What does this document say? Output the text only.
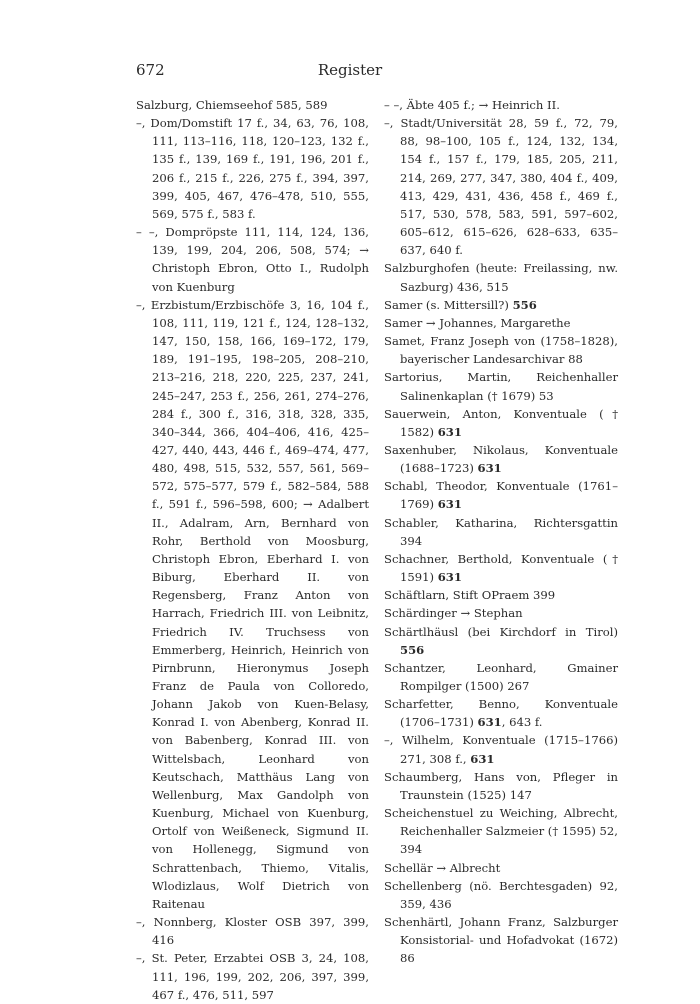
672	Register
Salzburg, Chiemseehof 585, 589
–, Dom/Domstift 17 f., 34, 63, 76, 108, 111, 113–116, 118, 120–123, 132 f., 135 f., 139, 169 f., 191, 196, 201 f., 206 f., 215 f., 226, 275 f., 394, 397, 399, 405, 467, 476–478, 510, 555, 569, 575 f., 583 f.
– –, Dompröpste 111, 114, 124, 136, 139, 199, 204, 206, 508, 574; → Christoph Ebron, Otto I., Rudolph von Kuenburg
–, Erzbistum/Erzbischöfe 3, 16, 104 f., 108, 111, 119, 121 f., 124, 128–132, 147, 150, 158, 166, 169–172, 179, 189, 191–195, 198–205, 208–210, 213–216, 218, 220, 225, 237, 241, 245–247, 253 f., 256, 261, 274–276, 284 f., 300 f., 316, 318, 328, 335, 340–344, 366, 404–406, 416, 425–427, 440, 443, 446 f., 469–474, 477, 480, 498, 515, 532, 557, 561, 569–572, 575–577, 579 f., 582–584, 588 f., 591 f., 596–598, 600; → Adalbert II., Adalram, Arn, Bernhard von Rohr, Berthold von Moosburg, Christoph Ebron, Eberhard I. von Biburg, Eberhard II. von Regensberg, Franz Anton von Harrach, Friedrich III. von Leibnitz, Friedrich IV. Truchsess von Emmerberg, Heinrich, Heinrich von Pirnbrunn, Hieronymus Joseph Franz de Paula von Colloredo, Johann Jakob von Kuen-Belasy, Konrad I. von Abenberg, Konrad II. von Babenberg, Konrad III. von Wittelsbach, Leonhard von Keutschach, Matthäus Lang von Wellenburg, Max Gandolph von Kuenburg, Michael von Kuenburg, Ortolf von Weißeneck, Sigmund II. von Hollenegg, Sigmund von Schrattenbach, Thiemo, Vitalis, Wlodizlaus, Wolf Dietrich von Raitenau
–, Nonnberg, Kloster OSB 397, 399, 416
–, St. Peter, Erzabtei OSB 3, 24, 108, 111, 196, 199, 202, 206, 397, 399, 467 f., 476, 511, 597
– –, Äbte 405 f.; → Heinrich II.
–, Stadt/Universität 28, 59 f., 72, 79, 88, 98–100, 105 f., 124, 132, 134, 154 f., 157 f., 179, 185, 205, 211, 214, 269, 277, 347, 380, 404 f., 409, 413, 429, 431, 436, 458 f., 469 f., 517, 530, 578, 583, 591, 597–602, 605–612, 615–626, 628–633, 635–637, 640 f.
Salzburghofen (heute: Freilassing, nw. Sazburg) 436, 515
Samer (s. Mittersill?) 556
Samer → Johannes, Margarethe
Samet, Franz Joseph von (1758–1828), bayerischer Landesarchivar 88
Sartorius, Martin, Reichenhaller Salinenkaplan († 1679) 53
Sauerwein, Anton, Konventuale († 1582) 631
Saxenhuber, Nikolaus, Konventuale (1688–1723) 631
Schabl, Theodor, Konventuale (1761–1769) 631
Schabler, Katharina, Richtersgattin 394
Schachner, Berthold, Konventuale († 1591) 631
Schäftlarn, Stift OPraem 399
Schärdinger → Stephan
Schärtlhäusl (bei Kirchdorf in Tirol) 556
Schantzer, Leonhard, Gmainer Rompilger (1500) 267
Scharfetter, Benno, Konventuale (1706–1731) 631, 643 f.
–, Wilhelm, Konventuale (1715–1766) 271, 308 f., 631
Schaumberg, Hans von, Pfleger in Traunstein (1525) 147
Scheichenstuel zu Weiching, Albrecht, Reichenhaller Salzmeier († 1595) 52, 394
Schellär → Albrecht
Schellenberg (nö. Berchtesgaden) 92, 359, 436
Schenhärtl, Johann Franz, Salzburger Konsistorial- und Hofadvokat (1672) 86
